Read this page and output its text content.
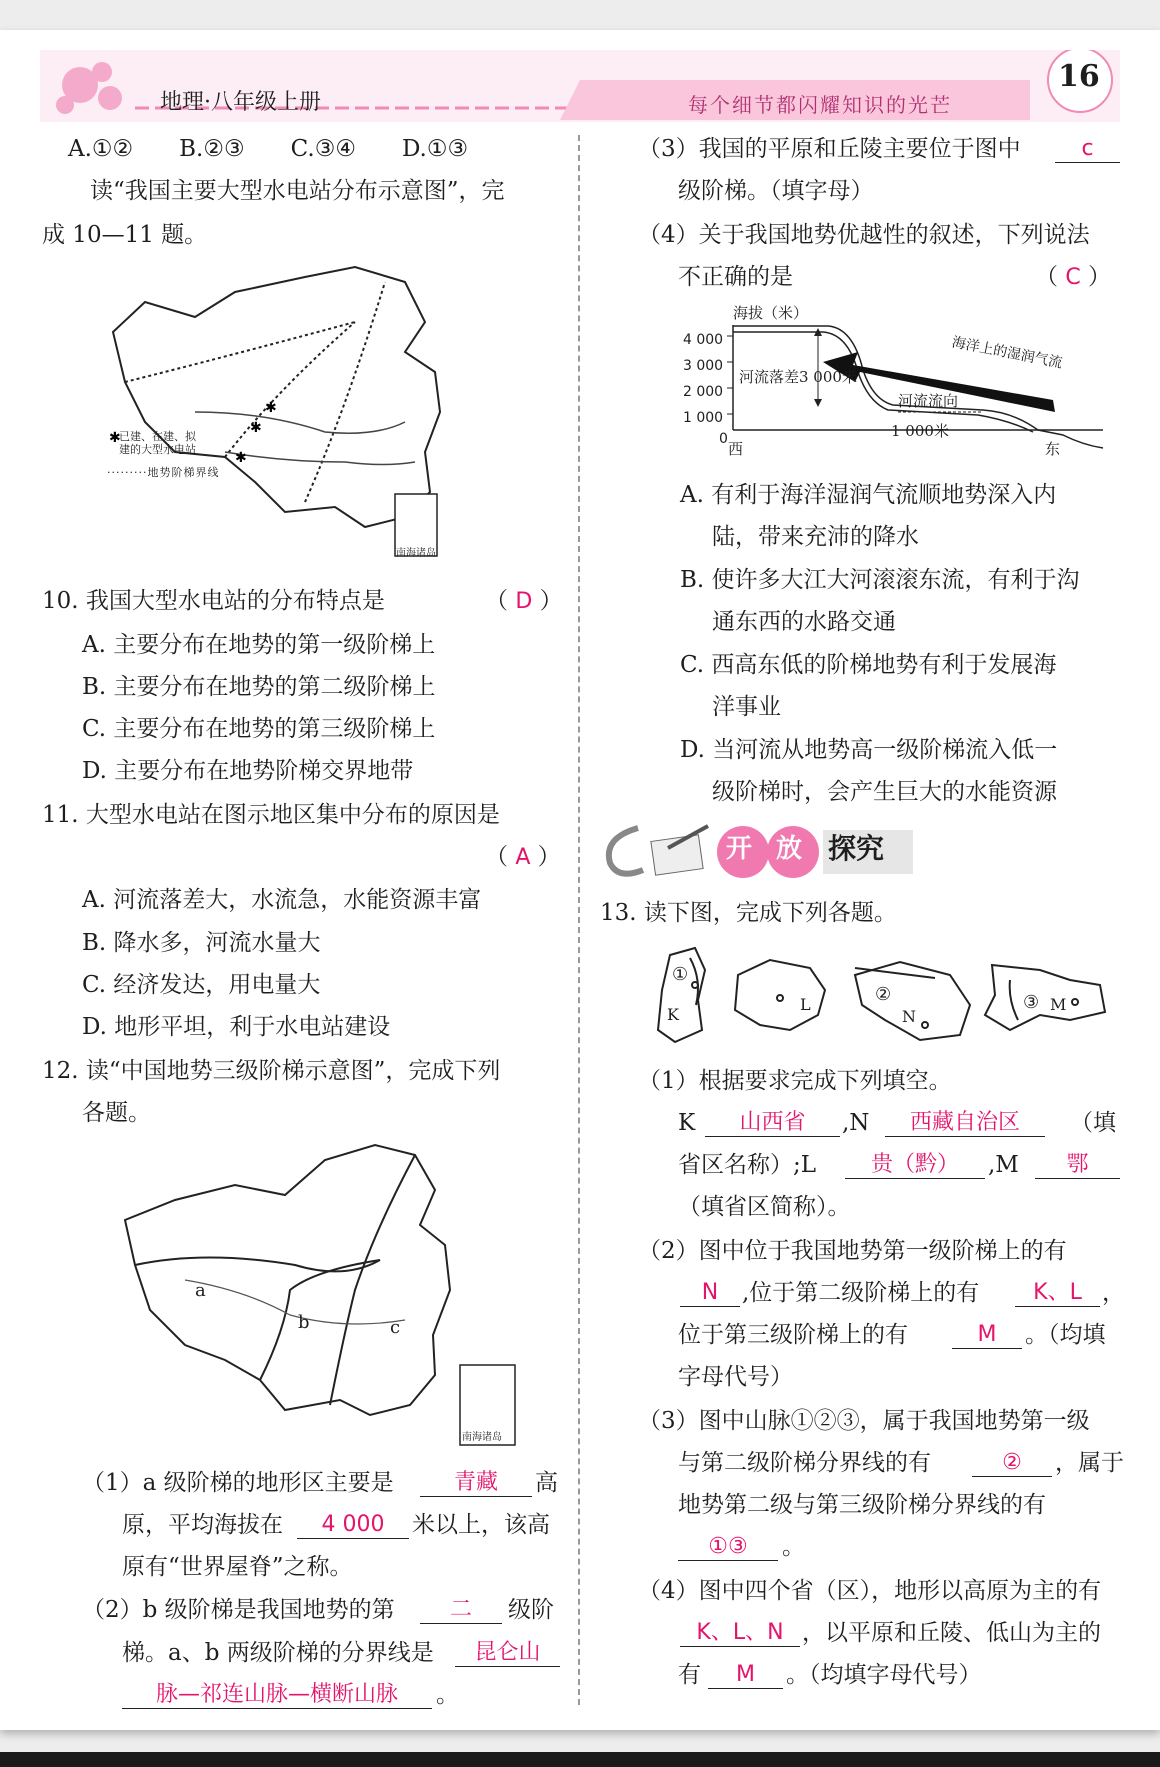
地理·八年级上册	每个细节都闪耀知识的光芒
16
A.①②　　B.②③　　C.③④　　D.①③
读“我国主要大型水电站分布示意图”，完
成 10—11 题。
✱
✱
✱
✱
已建、在建、拟
建的大型水电站
·········地势阶梯界线
南海诸岛
10. 我国大型水电站的分布特点是	（ D ）
A. 主要分布在地势的第一级阶梯上
B. 主要分布在地势的第二级阶梯上
C. 主要分布在地势的第三级阶梯上
D. 主要分布在地势阶梯交界地带
11. 大型水电站在图示地区集中分布的原因是
（ A ）
A. 河流落差大，水流急，水能资源丰富
B. 降水多，河流水量大
C. 经济发达，用电量大
D. 地形平坦，利于水电站建设
12. 读“中国地势三级阶梯示意图”，完成下列
各题。
a
b	c
南海诸岛
（1）a 级阶梯的地形区主要是	青藏	高
原，平均海拔在	4 000	米以上，该高
原有“世界屋脊”之称。
（2）b 级阶梯是我国地势的第	二	级阶
梯。a、b 两级阶梯的分界线是	昆仑山
脉—祁连山脉—横断山脉	。
（3）我国的平原和丘陵主要位于图中	c
级阶梯。（填字母）
（4）关于我国地势优越性的叙述，下列说法
不正确的是	（ C ）
海拔（米）
4 000
3 000
2 000
1 000
0
西	东
河流落差3 000米
1 000米
河流流向
海洋上的湿润气流
A. 有利于海洋湿润气流顺地势深入内
陆，带来充沛的降水
B. 使许多大江大河滚滚东流，有利于沟
通东西的水路交通
C. 西高东低的阶梯地势有利于发展海
洋事业
D. 当河流从地势高一级阶梯流入低一
级阶梯时，会产生巨大的水能资源
开 放 探究
13. 读下图，完成下列各题。
①
K
L	②
N
③ M
（1）根据要求完成下列填空。
K	山西省	,N	西藏自治区	（填
省区名称）;L	贵（黔）	,M	鄂
（填省区简称）。
（2）图中位于我国地势第一级阶梯上的有
N	,位于第二级阶梯上的有	K、L ，
位于第三级阶梯上的有	M	。（均填
字母代号）
（3）图中山脉①②③，属于我国地势第一级
与第二级阶梯分界线的有	②	，属于
地势第二级与第三级阶梯分界线的有
①③	。
（4）图中四个省（区），地形以高原为主的有
K、L、N ，以平原和丘陵、低山为主的
有	M	。（均填字母代号）
